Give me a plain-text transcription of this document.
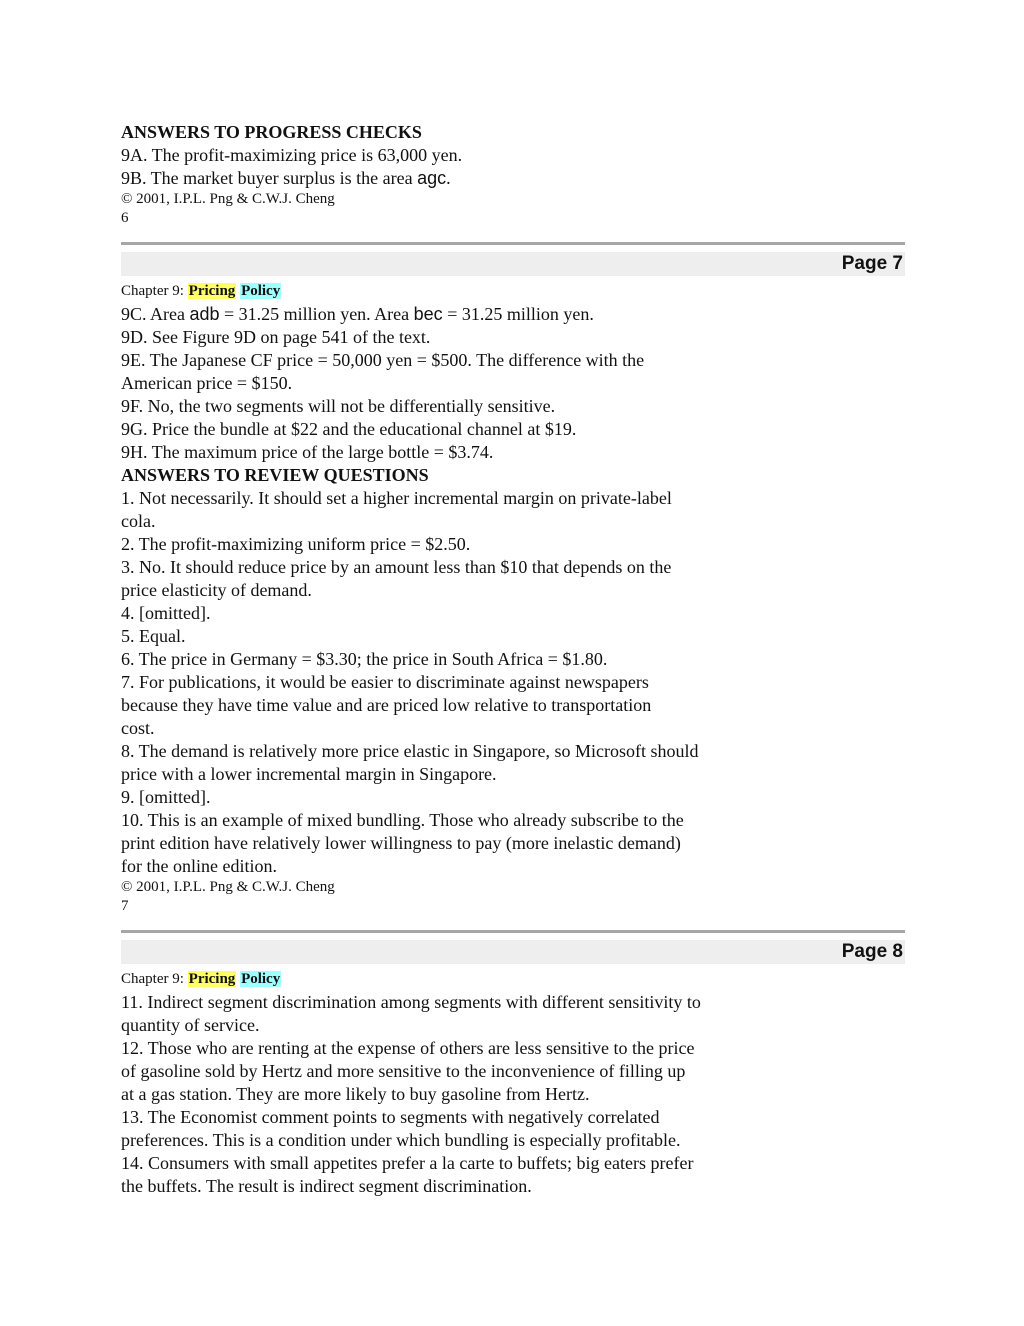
ANSWERS TO PROGRESS CHECKS
9A. The profit-maximizing price is 63,000 yen.
9B. The market buyer surplus is the area agc.
© 2001, I.P.L. Png & C.W.J. Cheng
6
Page 7
Chapter 9: Pricing Policy
9C. Area adb = 31.25 million yen. Area bec = 31.25 million yen.
9D. See Figure 9D on page 541 of the text.
9E. The Japanese CF price = 50,000 yen = $500. The difference with the
American price = $150.
9F. No, the two segments will not be differentially sensitive.
9G. Price the bundle at $22 and the educational channel at $19.
9H. The maximum price of the large bottle = $3.74.
ANSWERS TO REVIEW QUESTIONS
1. Not necessarily. It should set a higher incremental margin on private-label
cola.
2. The profit-maximizing uniform price = $2.50.
3. No. It should reduce price by an amount less than $10 that depends on the
price elasticity of demand.
4. [omitted].
5. Equal.
6. The price in Germany = $3.30; the price in South Africa = $1.80.
7. For publications, it would be easier to discriminate against newspapers
because they have time value and are priced low relative to transportation
cost.
8. The demand is relatively more price elastic in Singapore, so Microsoft should
price with a lower incremental margin in Singapore.
9. [omitted].
10. This is an example of mixed bundling. Those who already subscribe to the
print edition have relatively lower willingness to pay (more inelastic demand)
for the online edition.
© 2001, I.P.L. Png & C.W.J. Cheng
7
Page 8
Chapter 9: Pricing Policy
11. Indirect segment discrimination among segments with different sensitivity to
quantity of service.
12. Those who are renting at the expense of others are less sensitive to the price
of gasoline sold by Hertz and more sensitive to the inconvenience of filling up
at a gas station. They are more likely to buy gasoline from Hertz.
13. The Economist comment points to segments with negatively correlated
preferences. This is a condition under which bundling is especially profitable.
14. Consumers with small appetites prefer a la carte to buffets; big eaters prefer
the buffets. The result is indirect segment discrimination.
